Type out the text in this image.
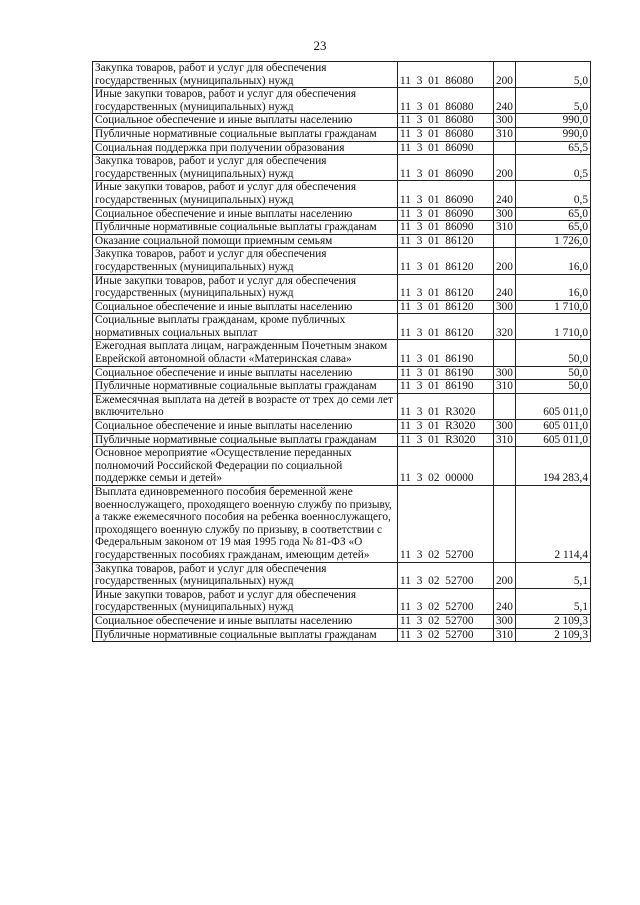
23
Закупка товаров, работ и услуг для обеспечения государственных (муниципальных) нужд	11 3 01 86080	200	5,0
Иные закупки товаров, работ и услуг для обеспечения государственных (муниципальных) нужд	11 3 01 86080	240	5,0
Социальное обеспечение и иные выплаты населению	11 3 01 86080	300	990,0
Публичные нормативные социальные выплаты гражданам	11 3 01 86080	310	990,0
Социальная поддержка при получении образования	11 3 01 86090		65,5
Закупка товаров, работ и услуг для обеспечения государственных (муниципальных) нужд	11 3 01 86090	200	0,5
Иные закупки товаров, работ и услуг для обеспечения государственных (муниципальных) нужд	11 3 01 86090	240	0,5
Социальное обеспечение и иные выплаты населению	11 3 01 86090	300	65,0
Публичные нормативные социальные выплаты гражданам	11 3 01 86090	310	65,0
Оказание социальной помощи приемным семьям	11 3 01 86120		1 726,0
Закупка товаров, работ и услуг для обеспечения государственных (муниципальных) нужд	11 3 01 86120	200	16,0
Иные закупки товаров, работ и услуг для обеспечения государственных (муниципальных) нужд	11 3 01 86120	240	16,0
Социальное обеспечение и иные выплаты населению	11 3 01 86120	300	1 710,0
Социальные выплаты гражданам, кроме публичных нормативных социальных выплат	11 3 01 86120	320	1 710,0
Ежегодная выплата лицам, награжденным Почетным знаком Еврейской автономной области «Материнская слава»	11 3 01 86190		50,0
Социальное обеспечение и иные выплаты населению	11 3 01 86190	300	50,0
Публичные нормативные социальные выплаты гражданам	11 3 01 86190	310	50,0
Ежемесячная выплата на детей в возрасте от трех до семи лет включительно	11 3 01 R3020		605 011,0
Социальное обеспечение и иные выплаты населению	11 3 01 R3020	300	605 011,0
Публичные нормативные социальные выплаты гражданам	11 3 01 R3020	310	605 011,0
Основное мероприятие «Осуществление переданных полномочий Российской Федерации по социальной поддержке семьи и детей»	11 3 02 00000		194 283,4
Выплата единовременного пособия беременной жене военнослужащего, проходящего военную службу по призыву, а также ежемесячного пособия на ребенка военнослужащего, проходящего военную службу по призыву, в соответствии с Федеральным законом от 19 мая 1995 года № 81-ФЗ «О государственных пособиях гражданам, имеющим детей»	11 3 02 52700		2 114,4
Закупка товаров, работ и услуг для обеспечения государственных (муниципальных) нужд	11 3 02 52700	200	5,1
Иные закупки товаров, работ и услуг для обеспечения государственных (муниципальных) нужд	11 3 02 52700	240	5,1
Социальное обеспечение и иные выплаты населению	11 3 02 52700	300	2 109,3
Публичные нормативные социальные выплаты гражданам	11 3 02 52700	310	2 109,3
